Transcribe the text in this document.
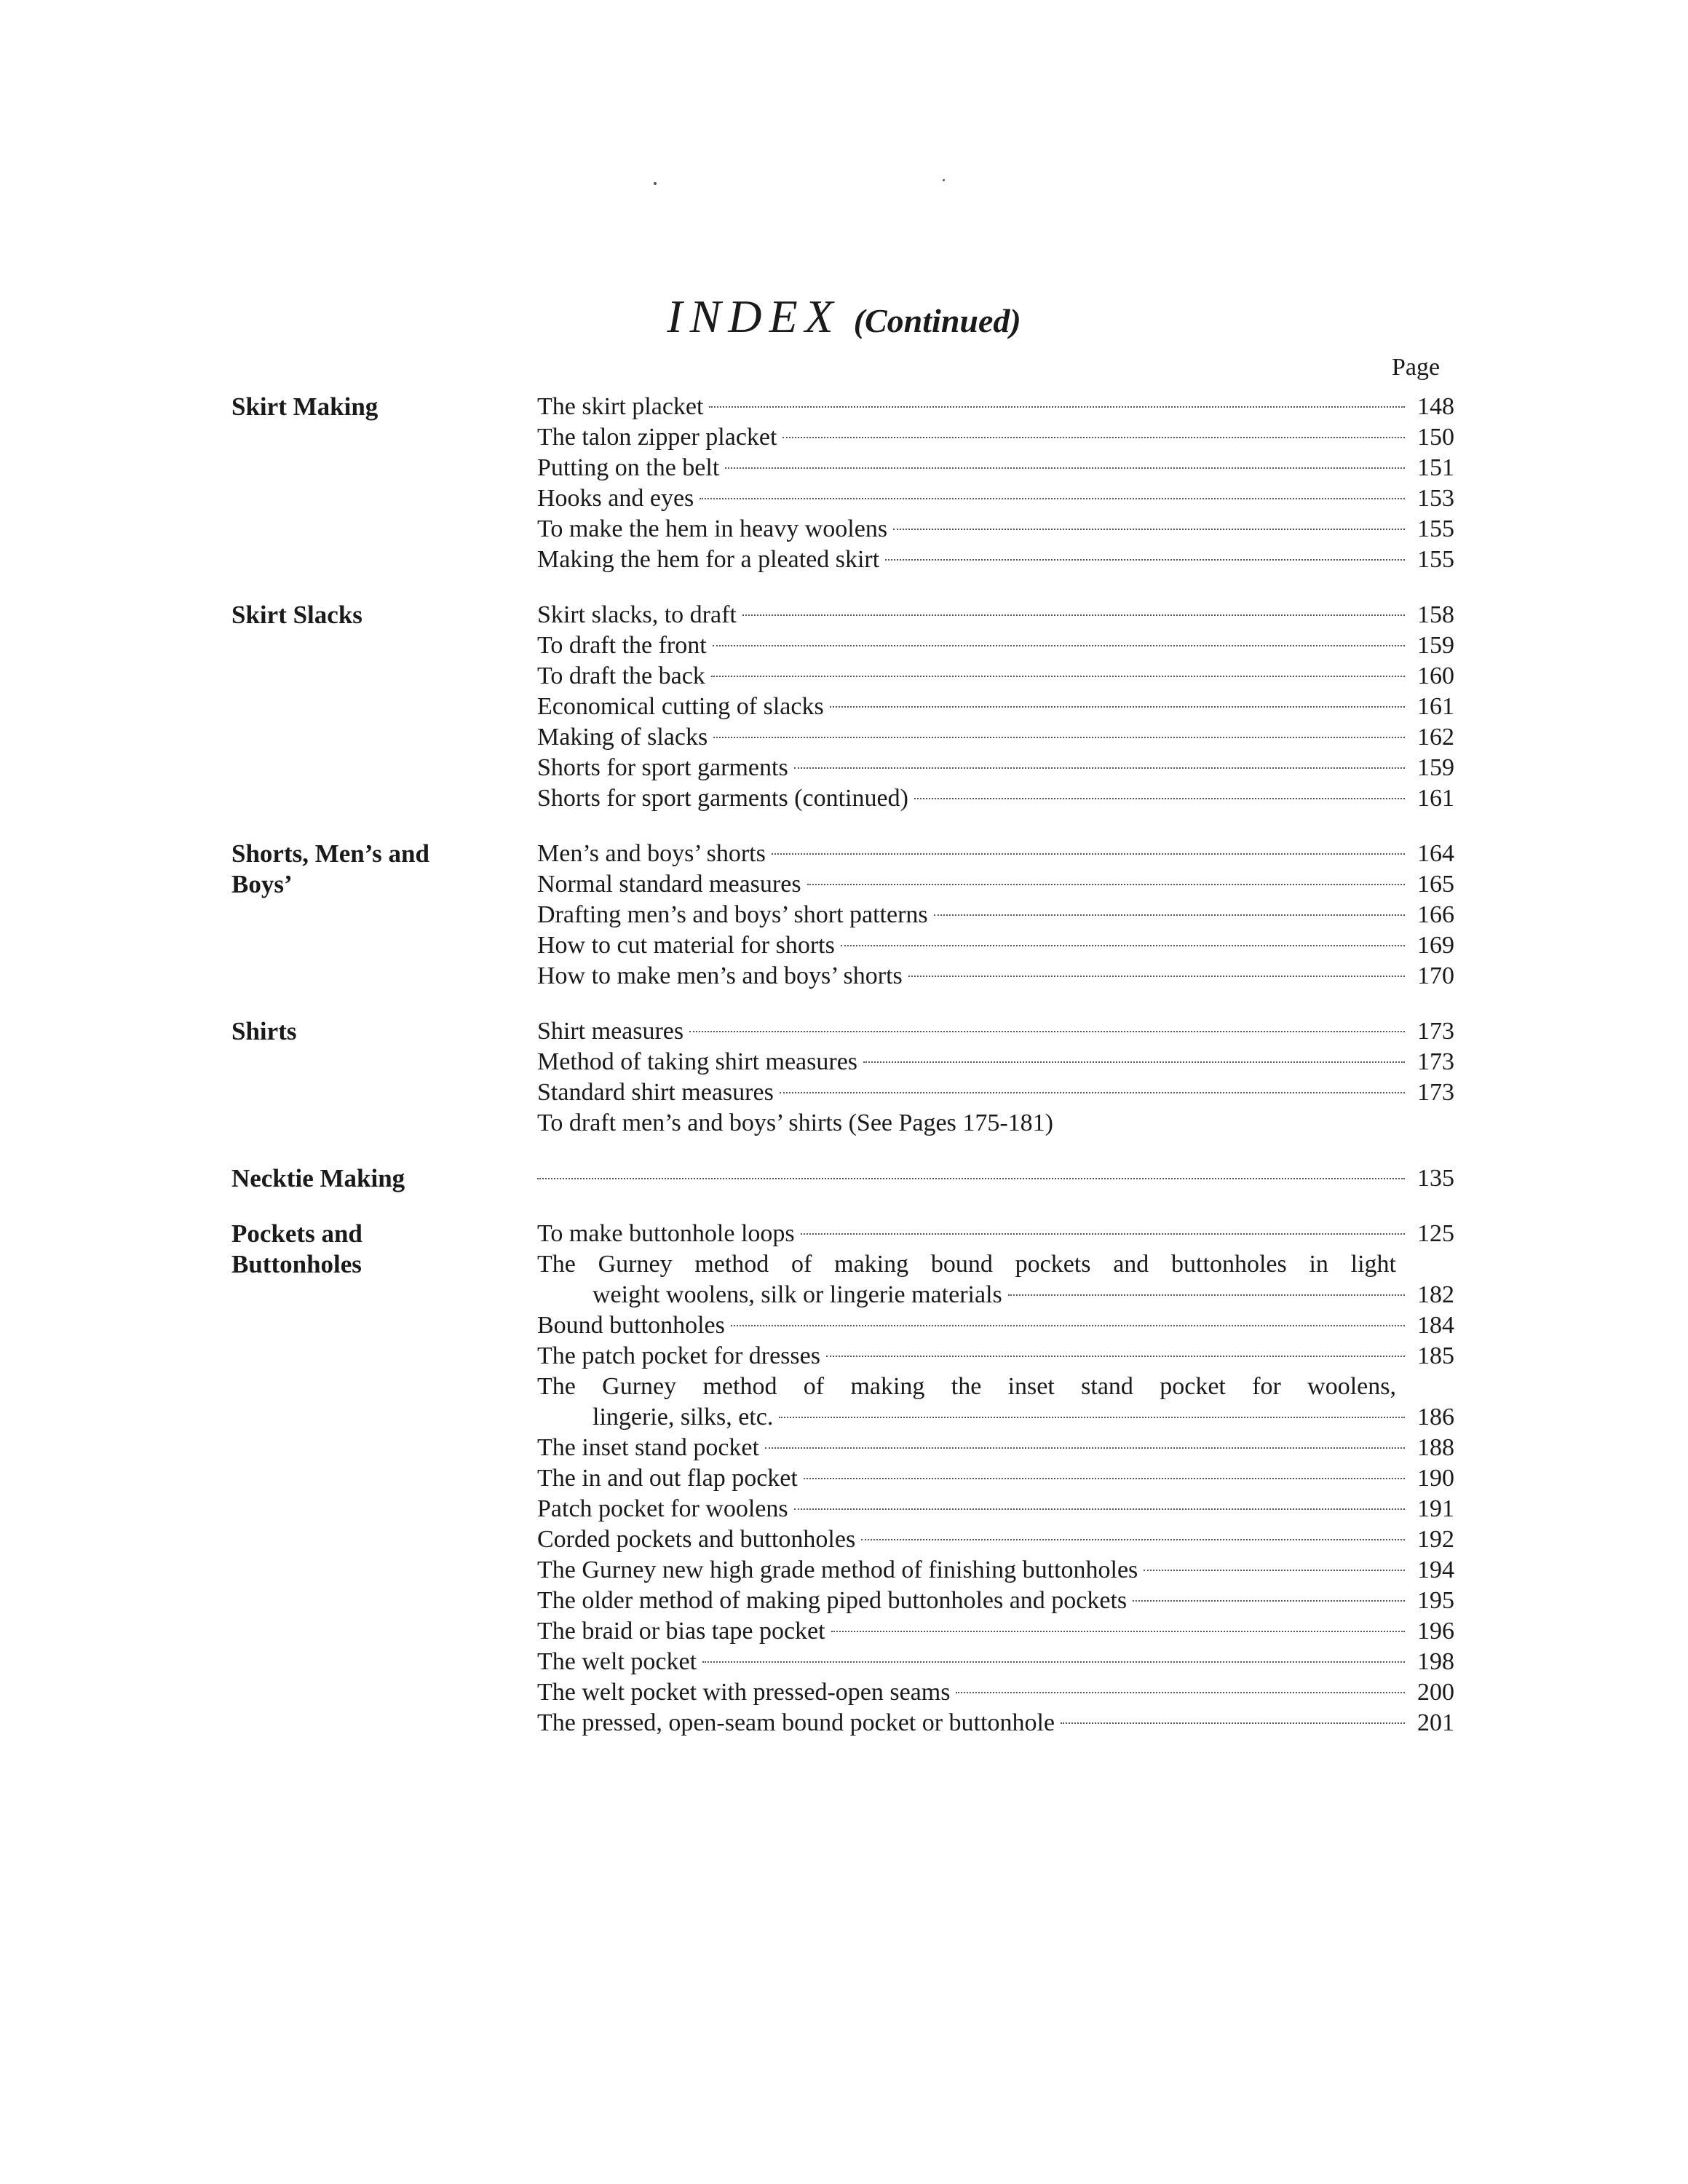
INDEX (Continued)
Page
Skirt Making	The skirt placket	148
The talon zipper placket	150
Putting on the belt	151
Hooks and eyes	153
To make the hem in heavy woolens	155
Making the hem for a pleated skirt	155
Skirt Slacks	Skirt slacks, to draft	158
To draft the front	159
To draft the back	160
Economical cutting of slacks	161
Making of slacks	162
Shorts for sport garments	159
Shorts for sport garments (continued)	161
Shorts, Men’s and
Boys’
Men’s and boys’ shorts	164
Normal standard measures	165
Drafting men’s and boys’ short patterns	166
How to cut material for shorts	169
How to make men’s and boys’ shorts	170
Shirts	Shirt measures	173
Method of taking shirt measures	173
Standard shirt measures	173
To draft men’s and boys’ shirts (See Pages 175-181)
Necktie Making	135
Pockets and
Buttonholes
To make buttonhole loops	125
The Gurney method of making bound pockets and buttonholes in light
weight woolens, silk or lingerie materials	182
Bound buttonholes	184
The patch pocket for dresses	185
The Gurney method of making the inset stand pocket for woolens,
lingerie, silks, etc.	186
The inset stand pocket	188
The in and out flap pocket	190
Patch pocket for woolens	191
Corded pockets and buttonholes	192
The Gurney new high grade method of finishing buttonholes	194
The older method of making piped buttonholes and pockets	195
The braid or bias tape pocket	196
The welt pocket	198
The welt pocket with pressed-open seams	200
The pressed, open-seam bound pocket or buttonhole	201
